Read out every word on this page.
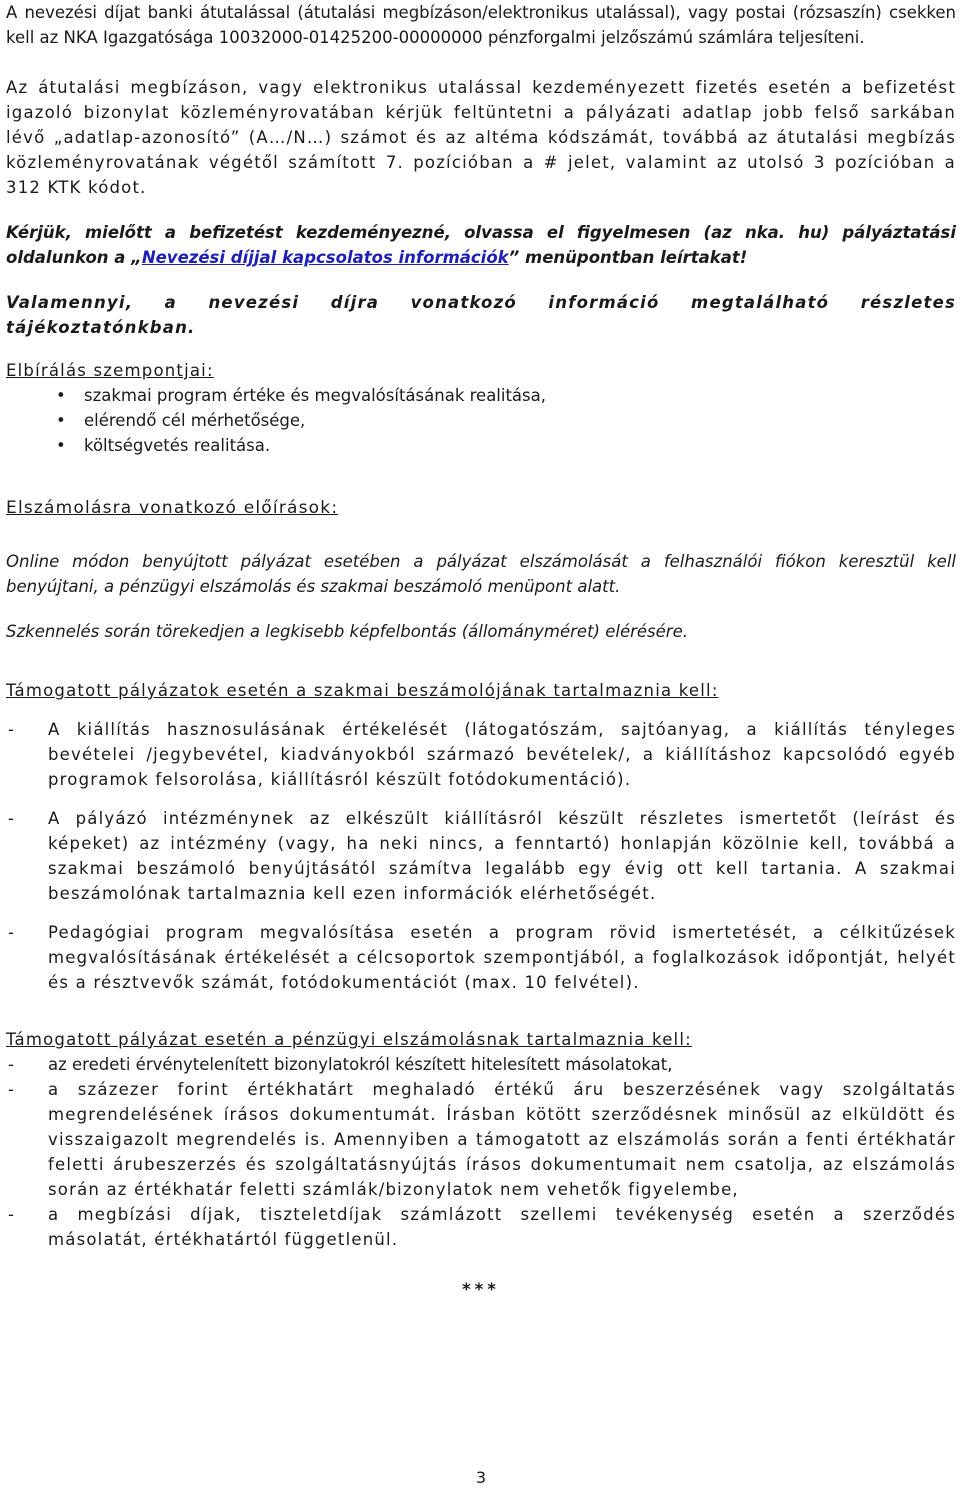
A nevezési díjat banki átutalással (átutalási megbízáson/elektronikus utalással), vagy postai (rózsaszín) csekken kell az NKA Igazgatósága 10032000-01425200-00000000 pénzforgalmi jelzőszámú számlára teljesíteni.

Az átutalási megbízáson, vagy elektronikus utalással kezdeményezett fizetés esetén a befizetést igazoló bizonylat közleményrovatában kérjük feltüntetni a pályázati adatlap jobb felső sarkában lévő „adatlap-azonosító” (A…/N…) számot és az altéma kódszámát, továbbá az átutalási megbízás közleményrovatának végétől számított 7. pozícióban a # jelet, valamint az utolsó 3 pozícióban a 312 KTK kódot.

Kérjük, mielőtt a befizetést kezdeményezné, olvassa el figyelmesen (az nka. hu) pályáztatási oldalunkon a „Nevezési díjjal kapcsolatos információk” menüpontban leírtakat!

Valamennyi, a nevezési díjra vonatkozó információ megtalálható részletes tájékoztatónkban.

Elbírálás szempontjai:

• szakmai program értéke és megvalósításának realitása,
• elérendő cél mérhetősége,
• költségvetés realitása.

Elszámolásra vonatkozó előírások:

Online módon benyújtott pályázat esetében a pályázat elszámolását a felhasználói fiókon keresztül kell benyújtani, a pénzügyi elszámolás és szakmai beszámoló menüpont alatt.

Szkennelés során törekedjen a legkisebb képfelbontás (állományméret) elérésére.

Támogatott pályázatok esetén a szakmai beszámolójának tartalmaznia kell:

- A kiállítás hasznosulásának értékelését (látogatószám, sajtóanyag, a kiállítás tényleges bevételei /jegybevétel, kiadványokból származó bevételek/, a kiállításhoz kapcsolódó egyéb programok felsorolása, kiállításról készült fotódokumentáció).
- A pályázó intézménynek az elkészült kiállításról készült részletes ismertetőt (leírást és képeket) az intézmény (vagy, ha neki nincs, a fenntartó) honlapján közölnie kell, továbbá a szakmai beszámoló benyújtásától számítva legalább egy évig ott kell tartania. A szakmai beszámolónak tartalmaznia kell ezen információk elérhetőségét.
- Pedagógiai program megvalósítása esetén a program rövid ismertetését, a célkitűzések megvalósításának értékelését a célcsoportok szempontjából, a foglalkozások időpontját, helyét és a résztvevők számát, fotódokumentációt (max. 10 felvétel).

Támogatott pályázat esetén a pénzügyi elszámolásnak tartalmaznia kell:

- az eredeti érvénytelenített bizonylatokról készített hitelesített másolatokat,
- a százezer forint értékhatárt meghaladó értékű áru beszerzésének vagy szolgáltatás megrendelésének írásos dokumentumát. Írásban kötött szerződésnek minősül az elküldött és visszaigazolt megrendelés is. Amennyiben a támogatott az elszámolás során a fenti értékhatár feletti árubeszerzés és szolgáltatásnyújtás írásos dokumentumait nem csatolja, az elszámolás során az értékhatár feletti számlák/bizonylatok nem vehetők figyelembe,
- a megbízási díjak, tiszteletdíjak számlázott szellemi tevékenység esetén a szerződés másolatát, értékhatártól függetlenül.

***

3
